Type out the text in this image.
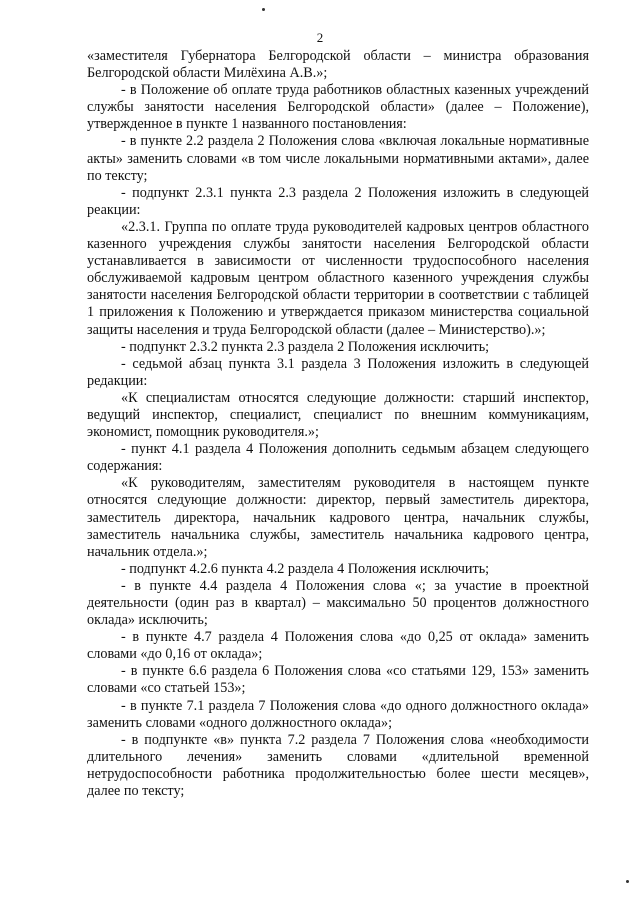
2

«заместителя Губернатора Белгородской области – министра образования Белгородской области Милёхина А.В.»;

- в Положение об оплате труда работников областных казенных учреждений службы занятости населения Белгородской области» (далее – Положение), утвержденное в пункте 1 названного постановления:

- в пункте 2.2 раздела 2 Положения слова «включая локальные нормативные акты» заменить словами «в том числе локальными нормативными актами», далее по тексту;

- подпункт 2.3.1 пункта 2.3 раздела 2 Положения изложить в следующей реакции:

«2.3.1. Группа по оплате труда руководителей кадровых центров областного казенного учреждения службы занятости населения Белгородской области устанавливается в зависимости от численности трудоспособного населения обслуживаемой кадровым центром областного казенного учреждения службы занятости населения Белгородской области территории в соответствии с таблицей 1 приложения к Положению и утверждается приказом министерства социальной защиты населения и труда Белгородской области (далее – Министерство).»;

- подпункт 2.3.2 пункта 2.3 раздела 2 Положения исключить;

- седьмой абзац пункта 3.1 раздела 3 Положения изложить в следующей редакции:

«К специалистам относятся следующие должности: старший инспектор, ведущий инспектор, специалист, специалист по внешним коммуникациям, экономист, помощник руководителя.»;

- пункт 4.1 раздела 4 Положения дополнить седьмым абзацем следующего содержания:

«К руководителям, заместителям руководителя в настоящем пункте относятся следующие должности: директор, первый заместитель директора, заместитель директора, начальник кадрового центра, начальник службы, заместитель начальника службы, заместитель начальника кадрового центра, начальник отдела.»;

- подпункт 4.2.6 пункта 4.2 раздела 4 Положения исключить;

- в пункте 4.4 раздела 4 Положения слова «; за участие в проектной деятельности (один раз в квартал) – максимально 50 процентов должностного оклада» исключить;

- в пункте 4.7 раздела 4 Положения слова «до 0,25 от оклада» заменить словами «до 0,16 от оклада»;

- в пункте 6.6 раздела 6 Положения слова «со статьями 129, 153» заменить словами «со статьей 153»;

- в пункте 7.1 раздела 7 Положения слова «до одного должностного оклада» заменить словами «одного должностного оклада»;

- в подпункте «в» пункта 7.2 раздела 7 Положения слова «необходимости длительного лечения» заменить словами «длительной временной нетрудоспособности работника продолжительностью более шести месяцев», далее по тексту;
